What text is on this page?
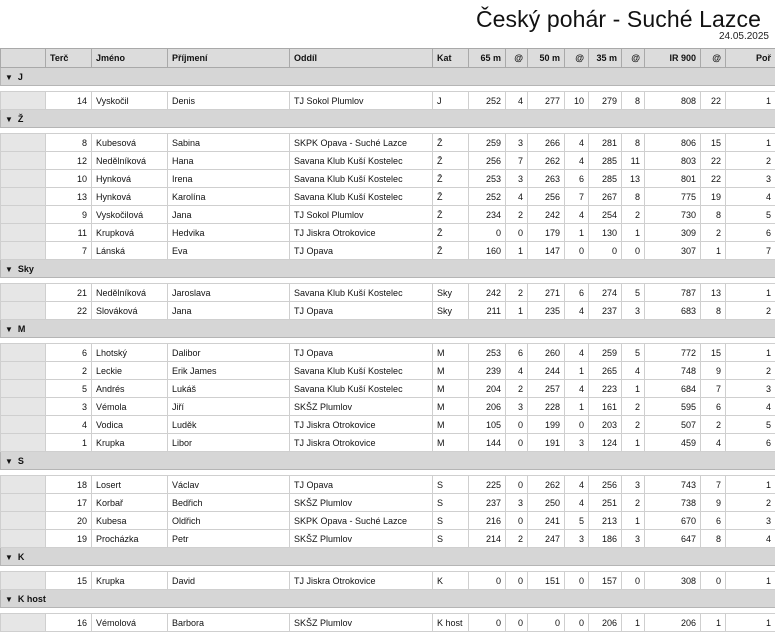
Český pohár - Suché Lazce
24.05.2025
	Terč	Jméno	Příjmení	Oddíl	Kat	65 m	@	50 m	@	35 m	@	IR 900	@	Poř
▼ J														

	14	Vyskočil	Denis	TJ Sokol Plumlov	J	252	4	277	10	279	8	808	22	1
▼ Ž														

	8	Kubesová	Sabina	SKPK Opava - Suché Lazce	Ž	259	3	266	4	281	8	806	15	1
	12	Nedělníková	Hana	Savana Klub Kuší Kostelec	Ž	256	7	262	4	285	11	803	22	2
	10	Hynková	Irena	Savana Klub Kuší Kostelec	Ž	253	3	263	6	285	13	801	22	3
	13	Hynková	Karolína	Savana Klub Kuší Kostelec	Ž	252	4	256	7	267	8	775	19	4
	9	Vyskočilová	Jana	TJ Sokol Plumlov	Ž	234	2	242	4	254	2	730	8	5
	11	Krupková	Hedvika	TJ Jiskra Otrokovice	Ž	0	0	179	1	130	1	309	2	6
	7	Lánská	Eva	TJ Opava	Ž	160	1	147	0	0	0	307	1	7
▼ Sky														

	21	Nedělníková	Jaroslava	Savana Klub Kuší Kostelec	Sky	242	2	271	6	274	5	787	13	1
	22	Slováková	Jana	TJ Opava	Sky	211	1	235	4	237	3	683	8	2
▼ M														

	6	Lhotský	Dalibor	TJ Opava	M	253	6	260	4	259	5	772	15	1
	2	Leckie	Erik James	Savana Klub Kuší Kostelec	M	239	4	244	1	265	4	748	9	2
	5	Andrés	Lukáš	Savana Klub Kuší Kostelec	M	204	2	257	4	223	1	684	7	3
	3	Vémola	Jiří	SKŠZ Plumlov	M	206	3	228	1	161	2	595	6	4
	4	Vodica	Luděk	TJ Jiskra Otrokovice	M	105	0	199	0	203	2	507	2	5
	1	Krupka	Libor	TJ Jiskra Otrokovice	M	144	0	191	3	124	1	459	4	6
▼ S														

	18	Losert	Václav	TJ Opava	S	225	0	262	4	256	3	743	7	1
	17	Korbař	Bedřich	SKŠZ Plumlov	S	237	3	250	4	251	2	738	9	2
	20	Kubesa	Oldřich	SKPK Opava - Suché Lazce	S	216	0	241	5	213	1	670	6	3
	19	Procházka	Petr	SKŠZ Plumlov	S	214	2	247	3	186	3	647	8	4
▼ K														

	15	Krupka	David	TJ Jiskra Otrokovice	K	0	0	151	0	157	0	308	0	1
▼ K host														

	16	Vémolová	Barbora	SKŠZ Plumlov	K host	0	0	0	0	206	1	206	1	1
